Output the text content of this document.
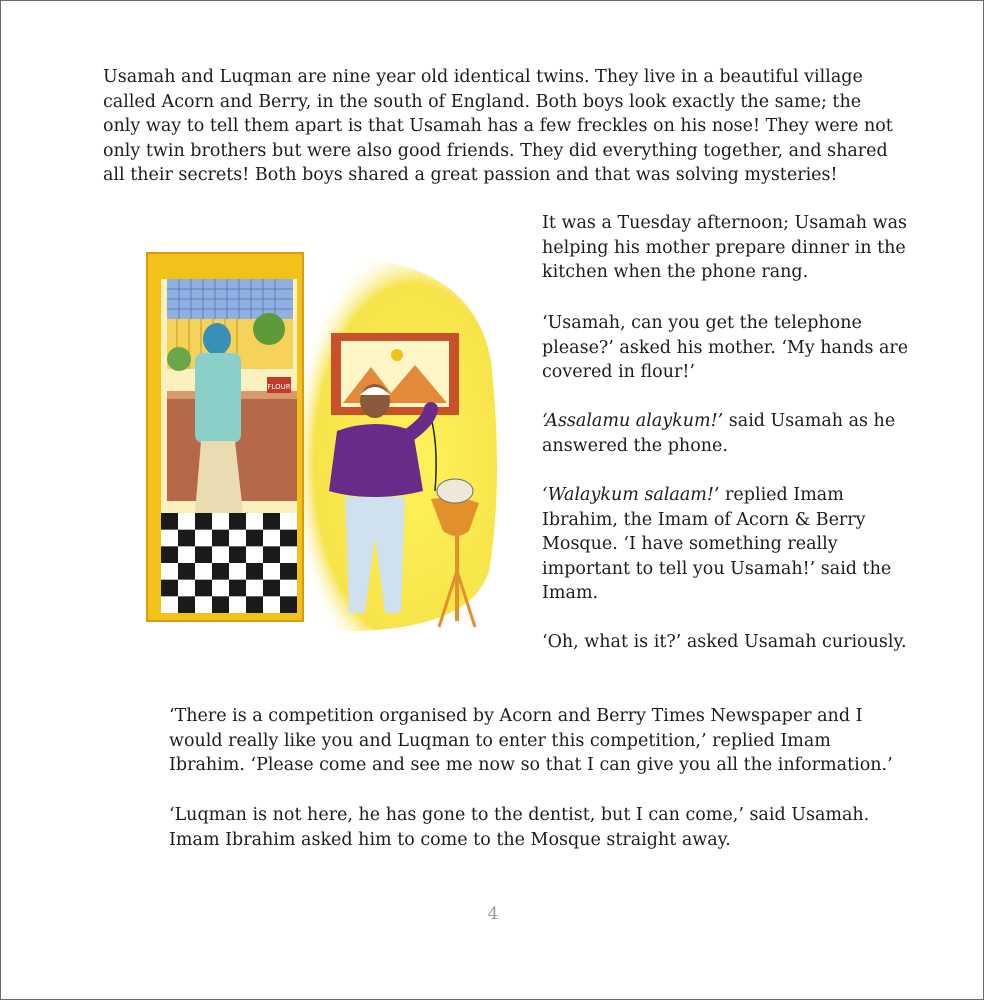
Usamah and Luqman are nine year old identical twins. They live in a beautiful village called Acorn and Berry, in the south of England. Both boys look exactly the same; the only way to tell them apart is that Usamah has a few freckles on his nose! They were not only twin brothers but were also good friends. They did everything together, and shared all their secrets! Both boys shared a great passion and that was solving mysteries!

It was a Tuesday afternoon; Usamah was helping his mother prepare dinner in the kitchen when the phone rang.

‘Usamah, can you get the telephone please?’ asked his mother. ‘My hands are covered in flour!’

‘Assalamu alaykum!’ said Usamah as he answered the phone.

‘Walaykum salaam!’ replied Imam Ibrahim, the Imam of Acorn & Berry Mosque. ‘I have something really important to tell you Usamah!’ said the Imam.

‘Oh, what is it?’ asked Usamah curiously.

‘There is a competition organised by Acorn and Berry Times Newspaper and I would really like you and Luqman to enter this competition,’ replied Imam Ibrahim. ‘Please come and see me now so that I can give you all the information.’

‘Luqman is not here, he has gone to the dentist, but I can come,’ said Usamah. Imam Ibrahim asked him to come to the Mosque straight away.

FLOUR
4
